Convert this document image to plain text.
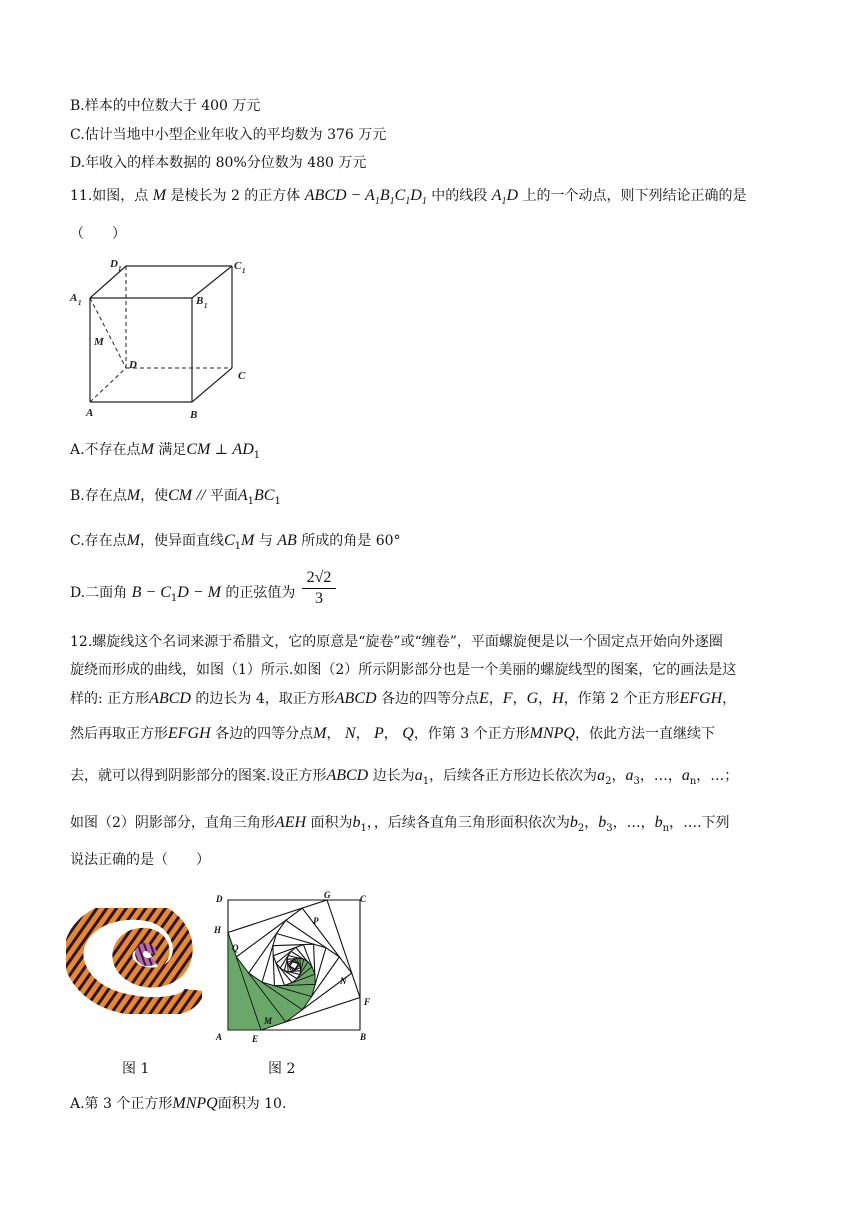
B.样本的中位数大于 400 万元
C.估计当地中小型企业年收入的平均数为 376 万元
D.年收入的样本数据的 80%分位数为 480 万元
11.如图，点 M 是棱长为 2 的正方体 ABCD − $A_1B_1C_1D_1$ 中的线段 $A_1D$ 上的一个动点，则下列结论正确的是
（　　）
D 1	C 1
A 1	B 1
M
D
C
A	B
A.不存在点M 满足CM ⊥ $AD_1$
B.存在点M，使CM // 平面$A_1BC_1$
C.存在点M，使异面直线$C_1M$ 与 AB 所成的角是 60°
D.二面角 $B - C_1D - M$ 的正弦值为 $\frac{2√2}{3}$
12.螺旋线这个名词来源于希腊文，它的原意是“旋卷”或“缠卷”，平面螺旋便是以一个固定点开始向外逐圈
旋绕而形成的曲线，如图（1）所示.如图（2）所示阴影部分也是一个美丽的螺旋线型的图案，它的画法是这
样的: 正方形ABCD 的边长为 4，取正方形ABCD 各边的四等分点E，F，G，H，作第 2 个正方形EFGH，
然后再取正方形EFGH 各边的四等分点M， N， P， Q，作第 3 个正方形MNPQ，依此方法一直继续下
去，就可以得到阴影部分的图案.设正方形ABCD 边长为$a_1$，后续各正方形边长依次为$a_2$，$a_3$，…，$a_n$，…；
如图（2）阴影部分，直角三角形AEH 面积为$b_1$，，后续各直角三角形面积依次为$b_2$，$b_3$，…，$b_n$，….下列
说法正确的是（　　）
D	G	C
P
H
Q
N
F
M
A	E	B
图 1	图 2
A.第 3 个正方形MNPQ面积为 10.
